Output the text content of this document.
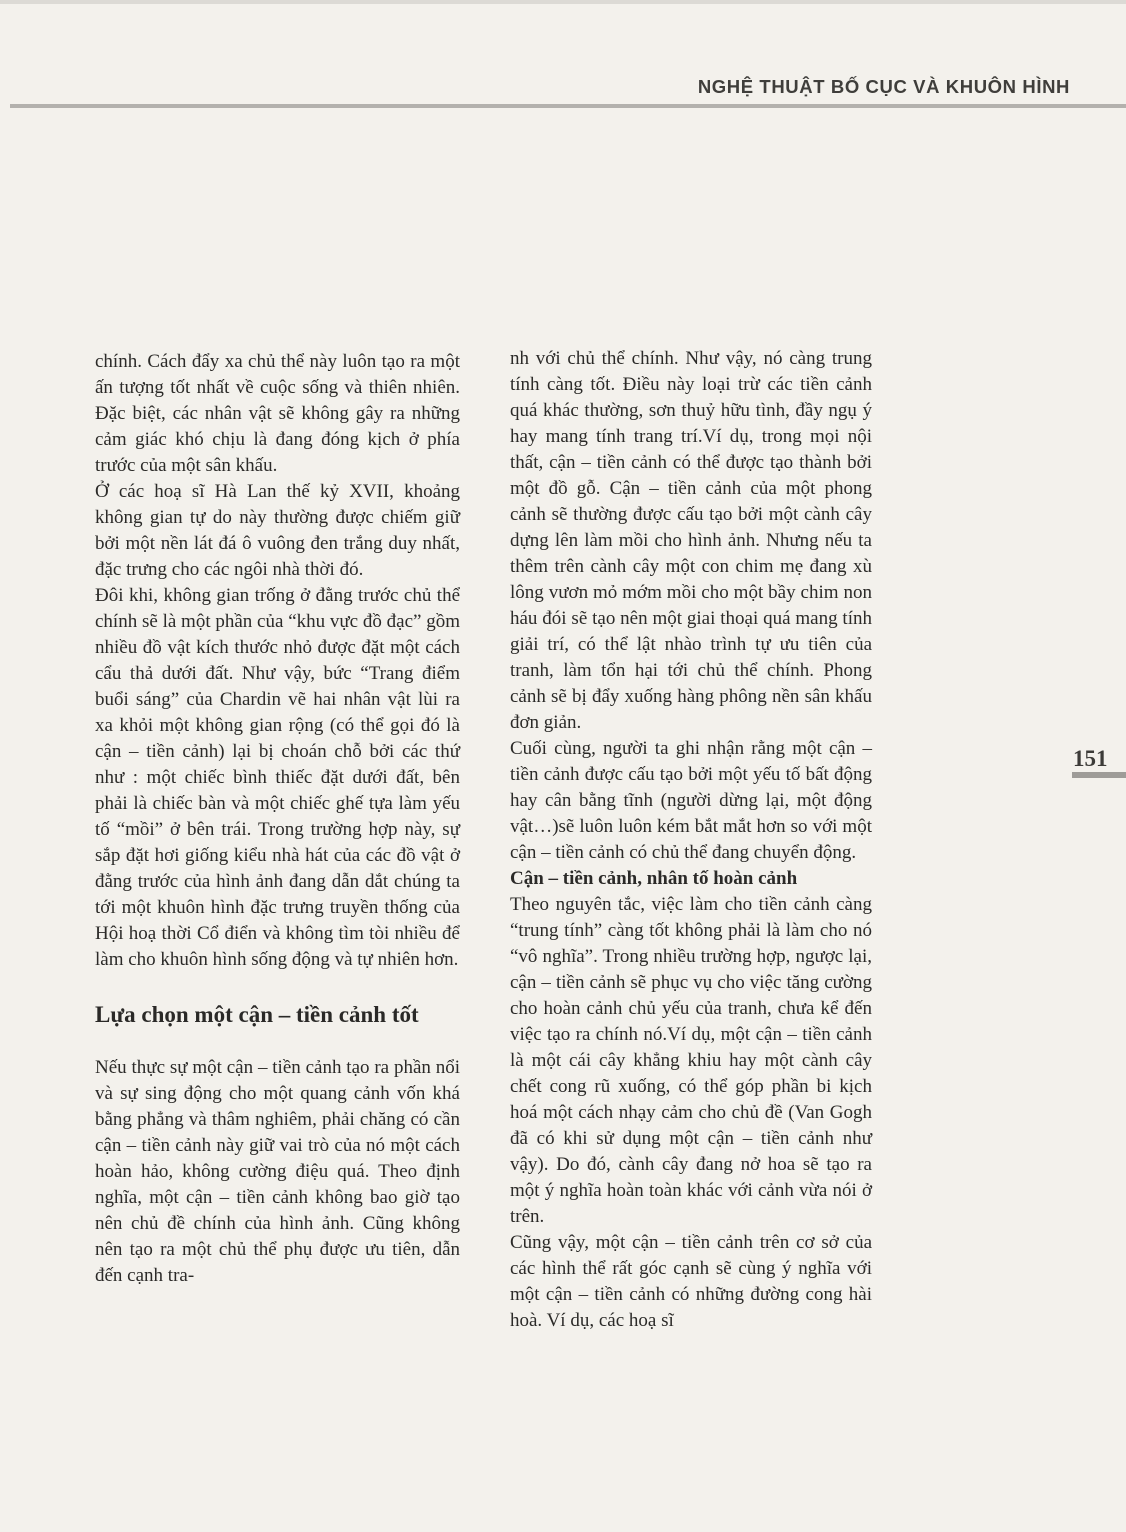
NGHỆ THUẬT BỐ CỤC VÀ KHUÔN HÌNH
151

chính. Cách đẩy xa chủ thể này luôn tạo ra một ấn tượng tốt nhất về cuộc sống và thiên nhiên. Đặc biệt, các nhân vật sẽ không gây ra những cảm giác khó chịu là đang đóng kịch ở phía trước của một sân khấu.

Ở các hoạ sĩ Hà Lan thế kỷ XVII, khoảng không gian tự do này thường được chiếm giữ bởi một nền lát đá ô vuông đen trắng duy nhất, đặc trưng cho các ngôi nhà thời đó.

Đôi khi, không gian trống ở đằng trước chủ thể chính sẽ là một phần của “khu vực đồ đạc” gồm nhiều đồ vật kích thước nhỏ được đặt một cách cẩu thả dưới đất. Như vậy, bức “Trang điểm buổi sáng” của Chardin vẽ hai nhân vật lùi ra xa khỏi một không gian rộng (có thể gọi đó là cận – tiền cảnh) lại bị choán chỗ bởi các thứ như : một chiếc bình thiếc đặt dưới đất, bên phải là chiếc bàn và một chiếc ghế tựa làm yếu tố “mồi” ở bên trái. Trong trường hợp này, sự sắp đặt hơi giống kiểu nhà hát của các đồ vật ở đằng trước của hình ảnh đang dẫn dắt chúng ta tới một khuôn hình đặc trưng truyền thống của Hội hoạ thời Cổ điển và không tìm tòi nhiều để làm cho khuôn hình sống động và tự nhiên hơn.

Lựa chọn một cận – tiền cảnh tốt

Nếu thực sự một cận – tiền cảnh tạo ra phần nổi và sự sing động cho một quang cảnh vốn khá bằng phẳng và thâm nghiêm, phải chăng có cần cận – tiền cảnh này giữ vai trò của nó một cách hoàn hảo, không cường điệu quá. Theo định nghĩa, một cận – tiền cảnh không bao giờ tạo nên chủ đề chính của hình ảnh. Cũng không nên tạo ra một chủ thể phụ được ưu tiên, dẫn đến cạnh tra-

nh với chủ thể chính. Như vậy, nó càng trung tính càng tốt. Điều này loại trừ các tiền cảnh quá khác thường, sơn thuỷ hữu tình, đầy ngụ ý hay mang tính trang trí.Ví dụ, trong mọi nội thất, cận – tiền cảnh có thể được tạo thành bởi một đồ gỗ. Cận – tiền cảnh của một phong cảnh sẽ thường được cấu tạo bởi một cành cây dựng lên làm mồi cho hình ảnh. Nhưng nếu ta thêm trên cành cây một con chim mẹ đang xù lông vươn mỏ mớm mồi cho một bầy chim non háu đói sẽ tạo nên một giai thoại quá mang tính giải trí, có thể lật nhào trình tự ưu tiên của tranh, làm tổn hại tới chủ thể chính. Phong cảnh sẽ bị đẩy xuống hàng phông nền sân khấu đơn giản.

Cuối cùng, người ta ghi nhận rằng một cận – tiền cảnh được cấu tạo bởi một yếu tố bất động hay cân bằng tĩnh (người dừng lại, một động vật…)sẽ luôn luôn kém bắt mắt hơn so với một cận – tiền cảnh có chủ thể đang chuyển động.

Cận – tiền cảnh, nhân tố hoàn cảnh

Theo nguyên tắc, việc làm cho tiền cảnh càng “trung tính” càng tốt không phải là làm cho nó “vô nghĩa”. Trong nhiều trường hợp, ngược lại, cận – tiền cảnh sẽ phục vụ cho việc tăng cường cho hoàn cảnh chủ yếu của tranh, chưa kể đến việc tạo ra chính nó.Ví dụ, một cận – tiền cảnh là một cái cây khẳng khiu hay một cành cây chết cong rũ xuống, có thể góp phần bi kịch hoá một cách nhạy cảm cho chủ đề (Van Gogh đã có khi sử dụng một cận – tiền cảnh như vậy). Do đó, cành cây đang nở hoa sẽ tạo ra một ý nghĩa hoàn toàn khác với cảnh vừa nói ở trên.

Cũng vậy, một cận – tiền cảnh trên cơ sở của các hình thể rất góc cạnh sẽ cùng ý nghĩa với một cận – tiền cảnh có những đường cong hài hoà. Ví dụ, các hoạ sĩ
